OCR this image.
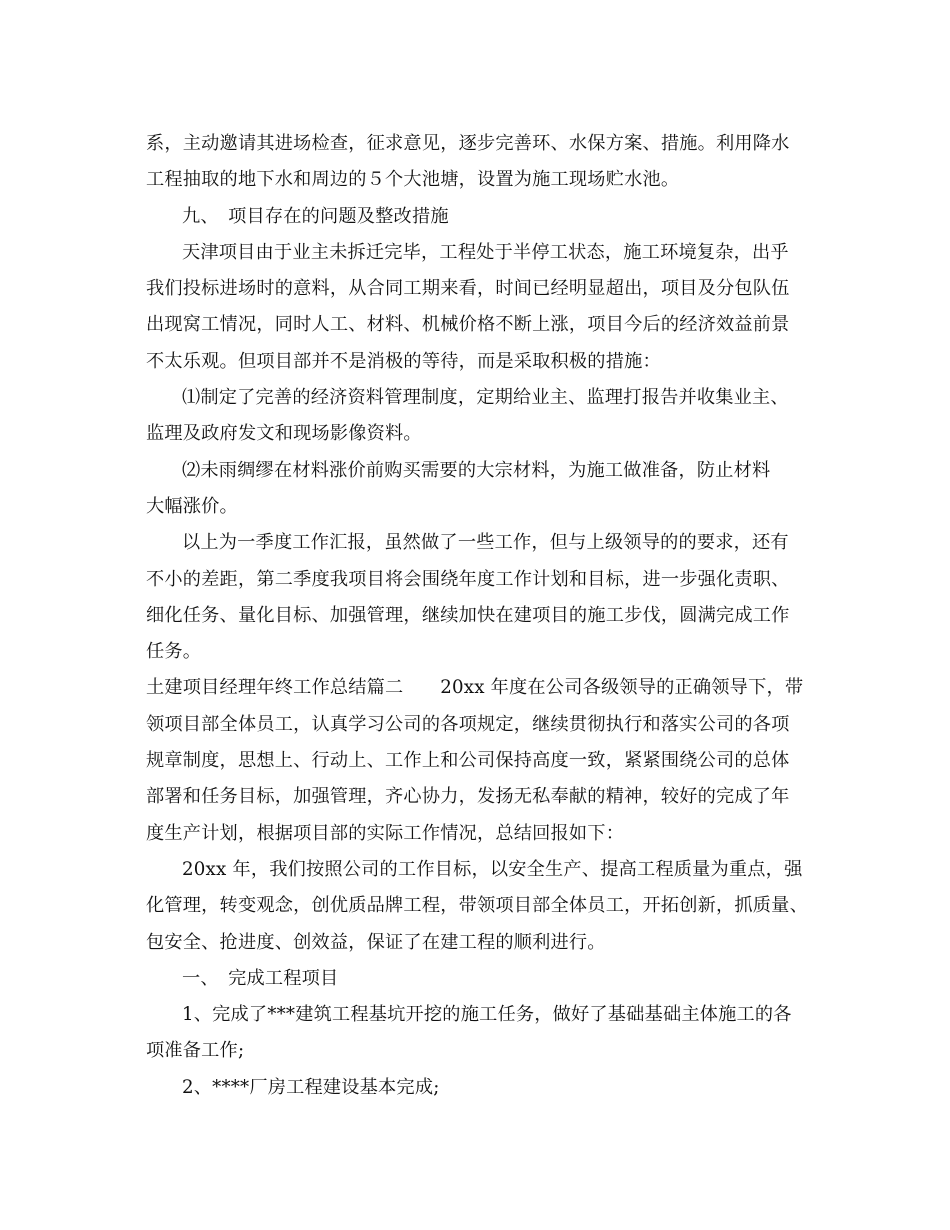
系，主动邀请其进场检查，征求意见，逐步完善环、水保方案、措施。利用降水
工程抽取的地下水和周边的５个大池塘，设置为施工现场贮水池。
九、　项目存在的问题及整改措施
天津项目由于业主未拆迁完毕，工程处于半停工状态，施工环境复杂，出乎
我们投标进场时的意料，从合同工期来看，时间已经明显超出，项目及分包队伍
出现窝工情况，同时人工、材料、机械价格不断上涨，项目今后的经济效益前景
不太乐观。但项目部并不是消极的等待，而是采取积极的措施：
⑴制定了完善的经济资料管理制度，定期给业主、监理打报告并收集业主、
监理及政府发文和现场影像资料。
⑵未雨绸缪在材料涨价前购买需要的大宗材料，为施工做准备，防止材料
大幅涨价。
以上为一季度工作汇报，虽然做了一些工作，但与上级领导的的要求，还有
不小的差距，第二季度我项目将会围绕年度工作计划和目标，进一步强化责职、
细化任务、量化目标、加强管理，继续加快在建项目的施工步伐，圆满完成工作
任务。
土建项目经理年终工作总结篇二　　20xx 年度在公司各级领导的正确领导下，带
领项目部全体员工，认真学习公司的各项规定，继续贯彻执行和落实公司的各项
规章制度，思想上、行动上、工作上和公司保持高度一致，紧紧围绕公司的总体
部署和任务目标，加强管理，齐心协力，发扬无私奉献的精神，较好的完成了年
度生产计划，根据项目部的实际工作情况，总结回报如下：
20xx 年，我们按照公司的工作目标，以安全生产、提高工程质量为重点，强
化管理，转变观念，创优质品牌工程，带领项目部全体员工，开拓创新，抓质量、
包安全、抢进度、创效益，保证了在建工程的顺利进行。
一、　完成工程项目
1、完成了***建筑工程基坑开挖的施工任务，做好了基础基础主体施工的各
项准备工作;
2、****厂房工程建设基本完成;
